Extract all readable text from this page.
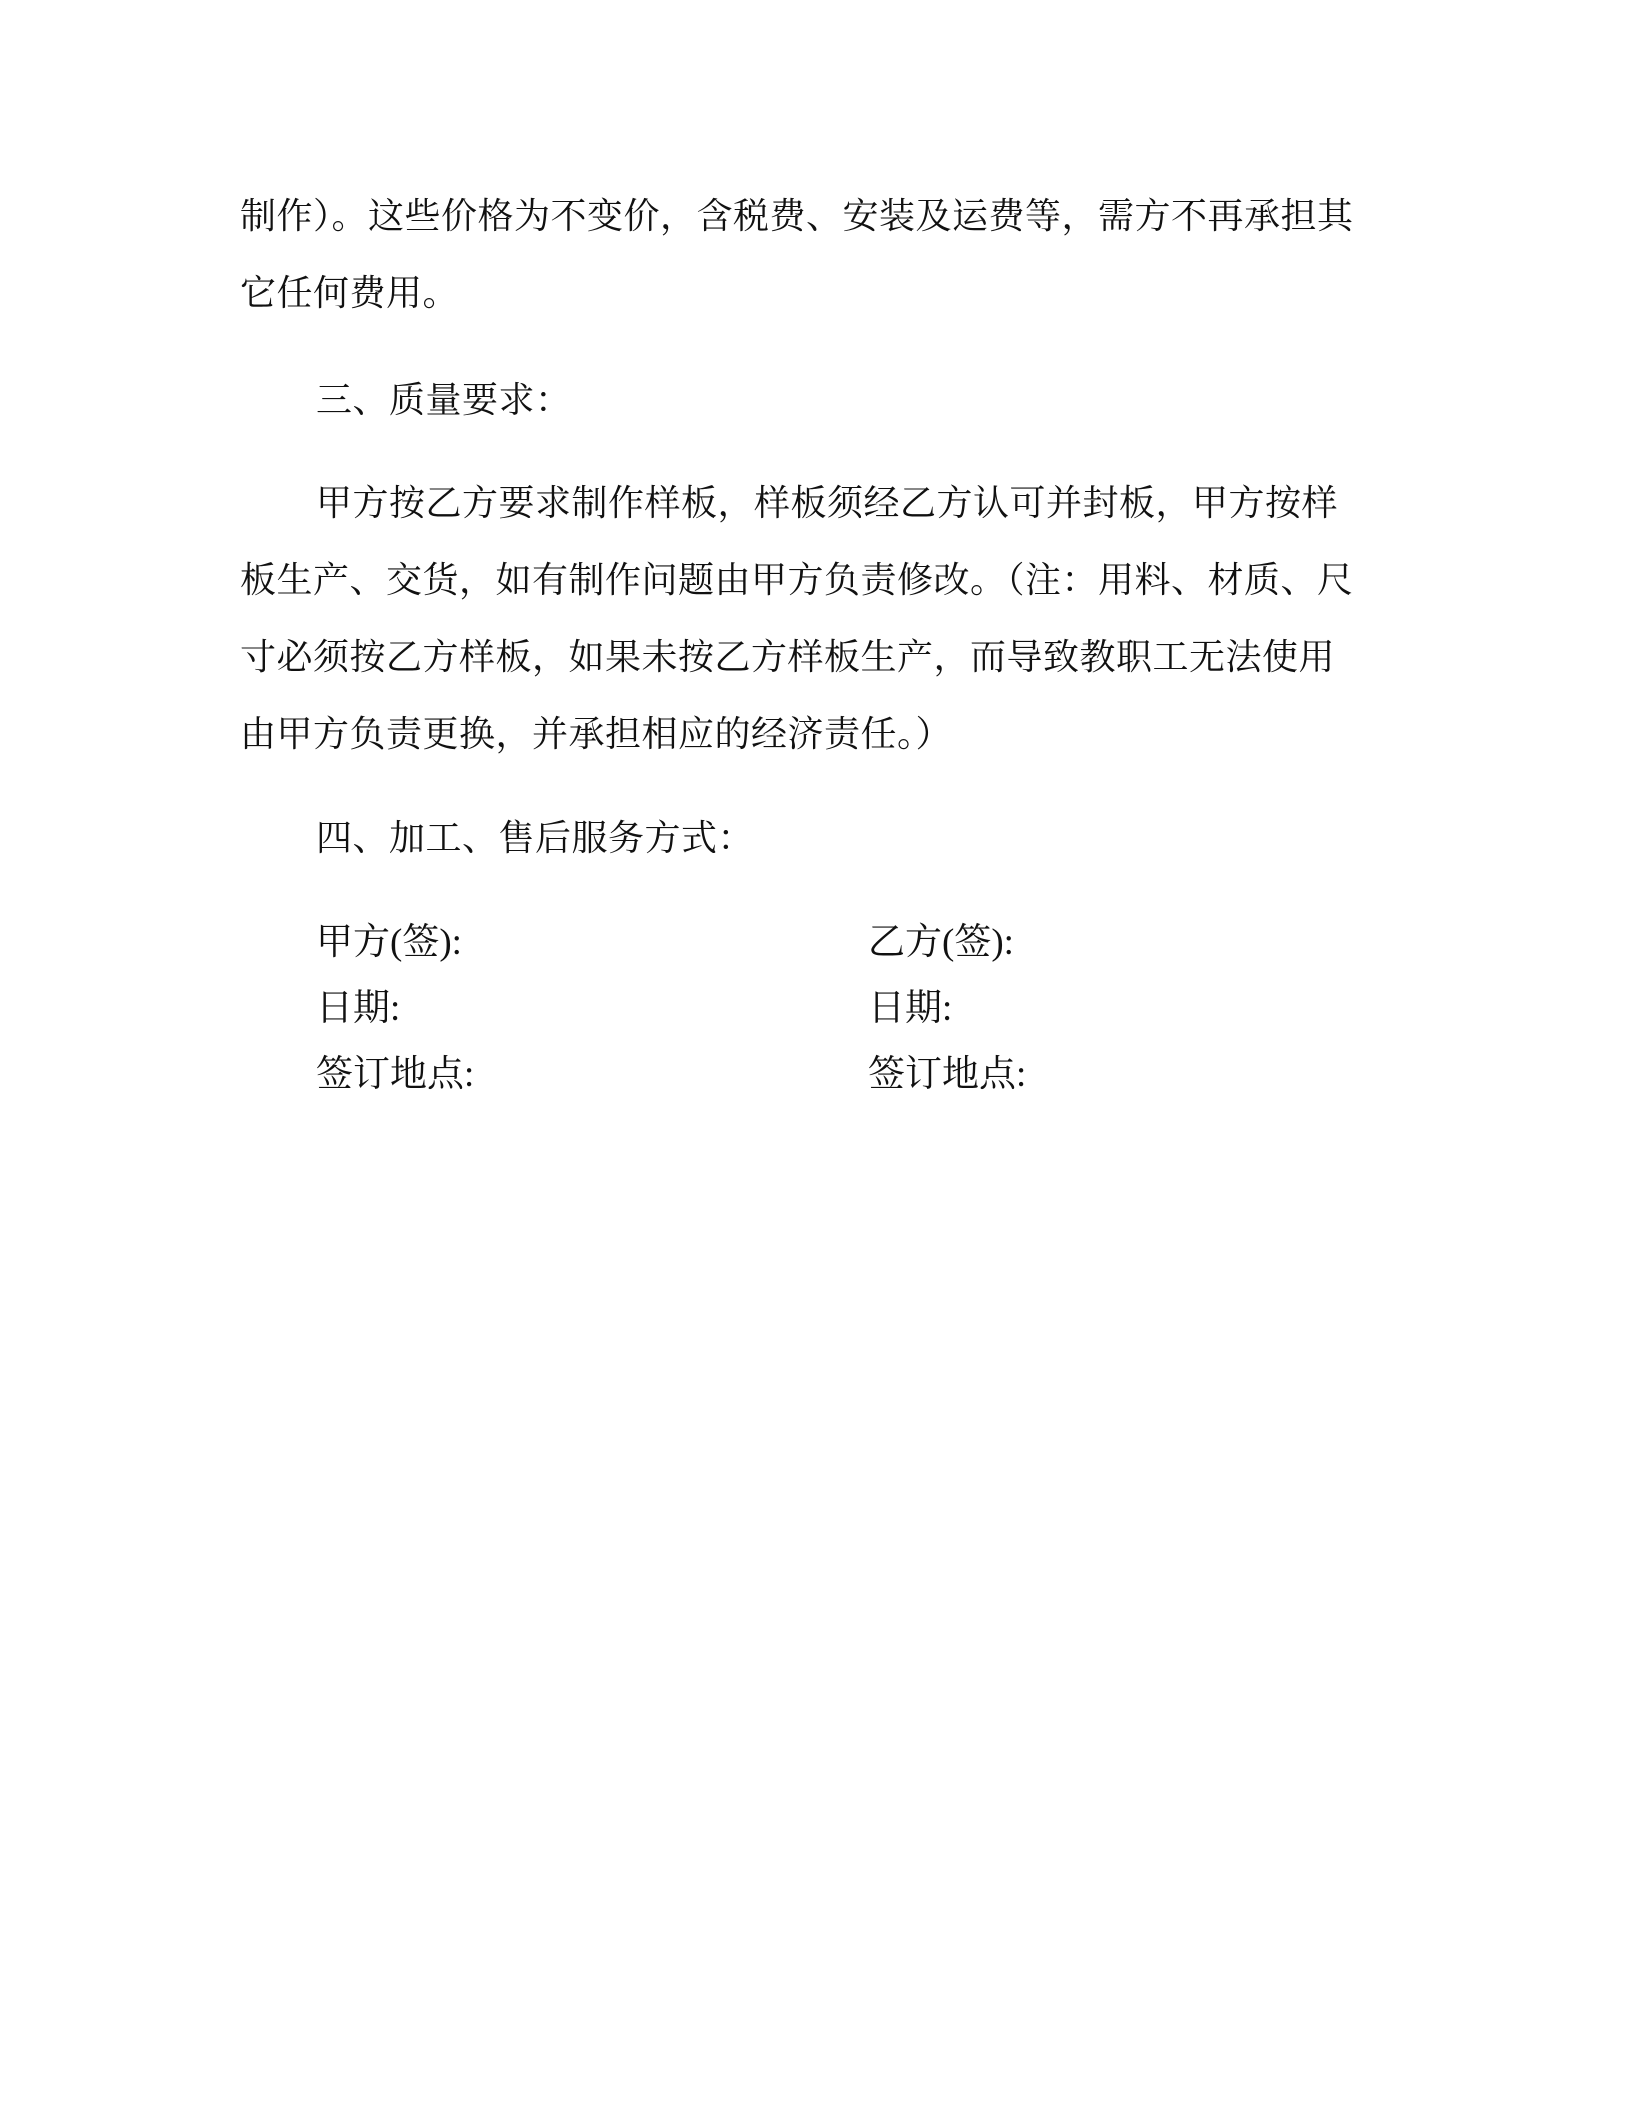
制作）。这些价格为不变价，含税费、安装及运费等，需方不再承担其它任何费用。

三、质量要求：

甲方按乙方要求制作样板，样板须经乙方认可并封板，甲方按样板生产、交货，如有制作问题由甲方负责修改。（注：用料、材质、尺寸必须按乙方样板，如果未按乙方样板生产，而导致教职工无法使用由甲方负责更换，并承担相应的经济责任。）

四、加工、售后服务方式：

甲方(签):
日期:
签订地点:
乙方(签):
日期:
签订地点:
